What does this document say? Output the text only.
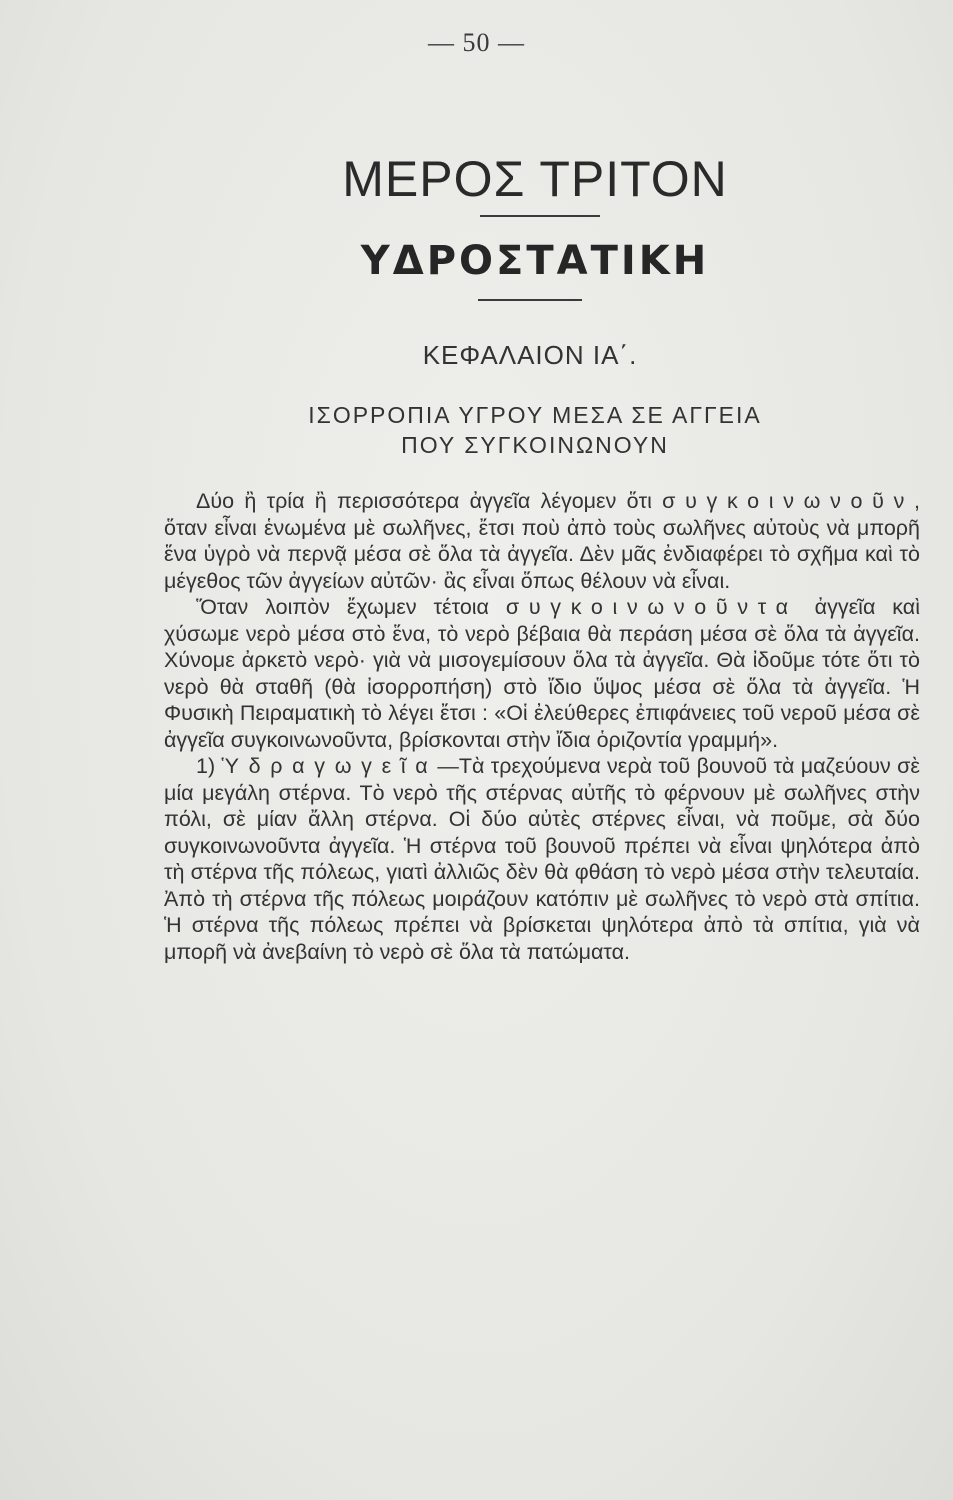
— 50 —
ΜΕΡΟΣ ΤΡΙΤΟΝ
ΥΔΡΟΣΤΑΤΙΚΗ
ΚΕΦΑΛΑΙΟΝ ΙΑ΄.
ΙΣΟΡΡΟΠΙΑ ΥΓΡΟΥ ΜΕΣΑ ΣΕ ΑΓΓΕΙΑ
ΠΟΥ ΣΥΓΚΟΙΝΩΝΟΥΝ

Δύο ἢ τρία ἢ περισσότερα ἀγγεῖα λέγομεν ὅτι συγκοινωνοῦν, ὅταν εἶναι ἑνωμένα μὲ σωλῆνες, ἔτσι ποὺ ἀπὸ τοὺς σωλῆνες αὐτοὺς νὰ μπορῆ ἕνα ὑγρὸ νὰ περνᾷ μέσα σὲ ὅλα τὰ ἀγγεῖα. Δὲν μᾶς ἐνδιαφέρει τὸ σχῆμα καὶ τὸ μέγεθος τῶν ἀγγείων αὐτῶν· ἂς εἶναι ὅπως θέλουν νὰ εἶναι.

Ὅταν λοιπὸν ἔχωμεν τέτοια συγκοινωνοῦντα ἀγγεῖα καὶ χύσωμε νερὸ μέσα στὸ ἕνα, τὸ νερὸ βέβαια θὰ περάση μέσα σὲ ὅλα τὰ ἀγγεῖα. Χύνομε ἀρκετὸ νερὸ· γιὰ νὰ μισογεμίσουν ὅλα τὰ ἀγγεῖα. Θὰ ἰδοῦμε τότε ὅτι τὸ νερὸ θὰ σταθῆ (θὰ ἰσορροπήση) στὸ ἴδιο ὕψος μέσα σὲ ὅλα τὰ ἀγγεῖα. Ἡ Φυσικὴ Πειραματικὴ τὸ λέγει ἔτσι : «Οἱ ἐλεύθερες ἐπιφάνειες τοῦ νεροῦ μέσα σὲ ἀγγεῖα συγκοινωνοῦντα, βρίσκονται στὴν ἴδια ὁριζοντία γραμμή».

1) Ὑδραγωγεῖα—Τὰ τρεχούμενα νερὰ τοῦ βουνοῦ τὰ μαζεύουν σὲ μία μεγάλη στέρνα. Τὸ νερὸ τῆς στέρνας αὐτῆς τὸ φέρνουν μὲ σωλῆνες στὴν πόλι, σὲ μίαν ἄλλη στέρνα. Οἱ δύο αὐτὲς στέρνες εἶναι, νὰ ποῦμε, σὰ δύο συγκοινωνοῦντα ἀγγεῖα. Ἡ στέρνα τοῦ βουνοῦ πρέπει νὰ εἶναι ψηλότερα ἀπὸ τὴ στέρνα τῆς πόλεως, γιατὶ ἀλλιῶς δὲν θὰ φθάση τὸ νερὸ μέσα στὴν τελευταία. Ἀπὸ τὴ στέρνα τῆς πόλεως μοιράζουν κατόπιν μὲ σωλῆνες τὸ νερὸ στὰ σπίτια. Ἡ στέρνα τῆς πόλεως πρέπει νὰ βρίσκεται ψηλότερα ἀπὸ τὰ σπίτια, γιὰ νὰ μπορῆ νὰ ἀνεβαίνη τὸ νερὸ σὲ ὅλα τὰ πατώματα.
